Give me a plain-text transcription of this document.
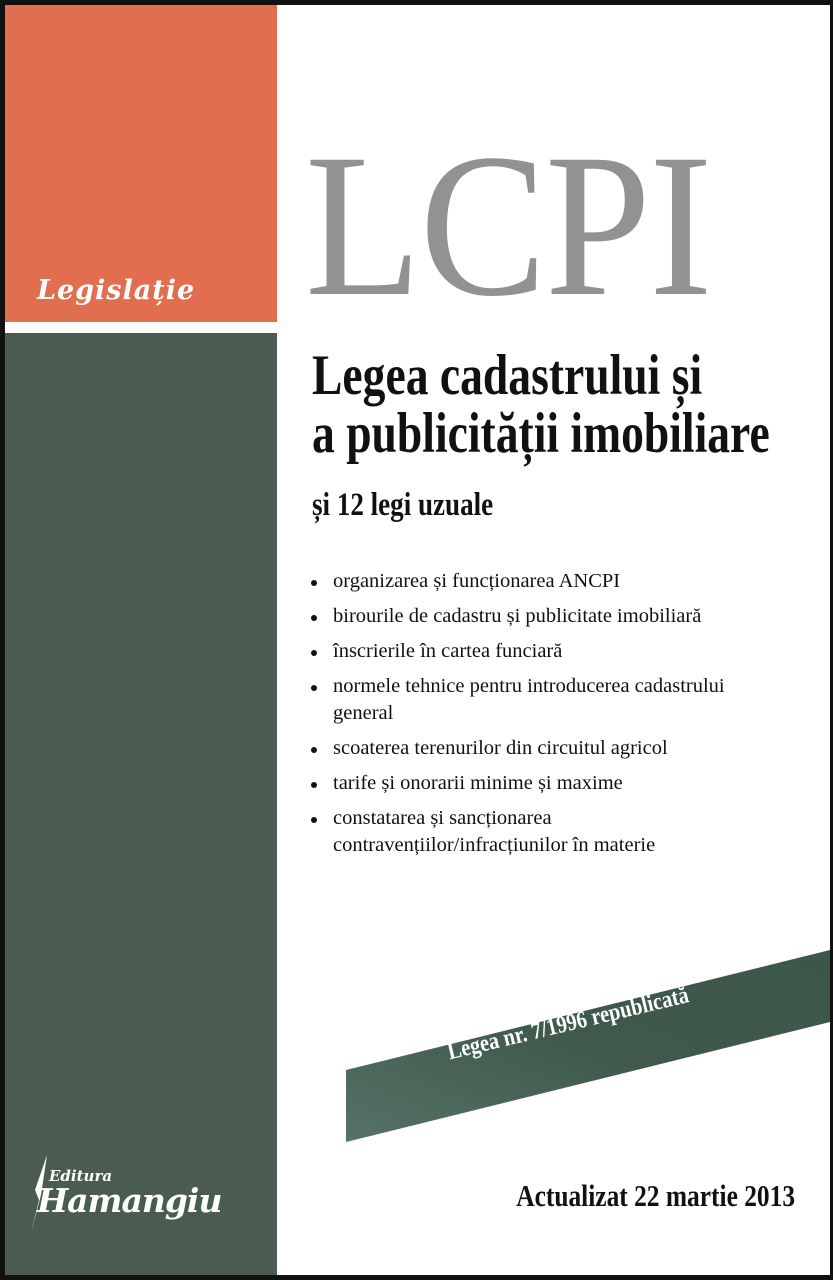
Legislație LCPI
Legea cadastrului și
a publicității imobiliare
și 12 legi uzuale
organizarea și funcționarea ANCPI
birourile de cadastru și publicitate imobiliară
înscrierile în cartea funciară
normele tehnice pentru introducerea cadastrului general
scoaterea terenurilor din circuitul agricol
tarife și onorarii minime și maxime
constatarea și sancționarea contravențiilor/infracțiunilor în materie
Legea nr. 7/1996 republicată
Editura
Hamangiu	Actualizat 22 martie 2013
